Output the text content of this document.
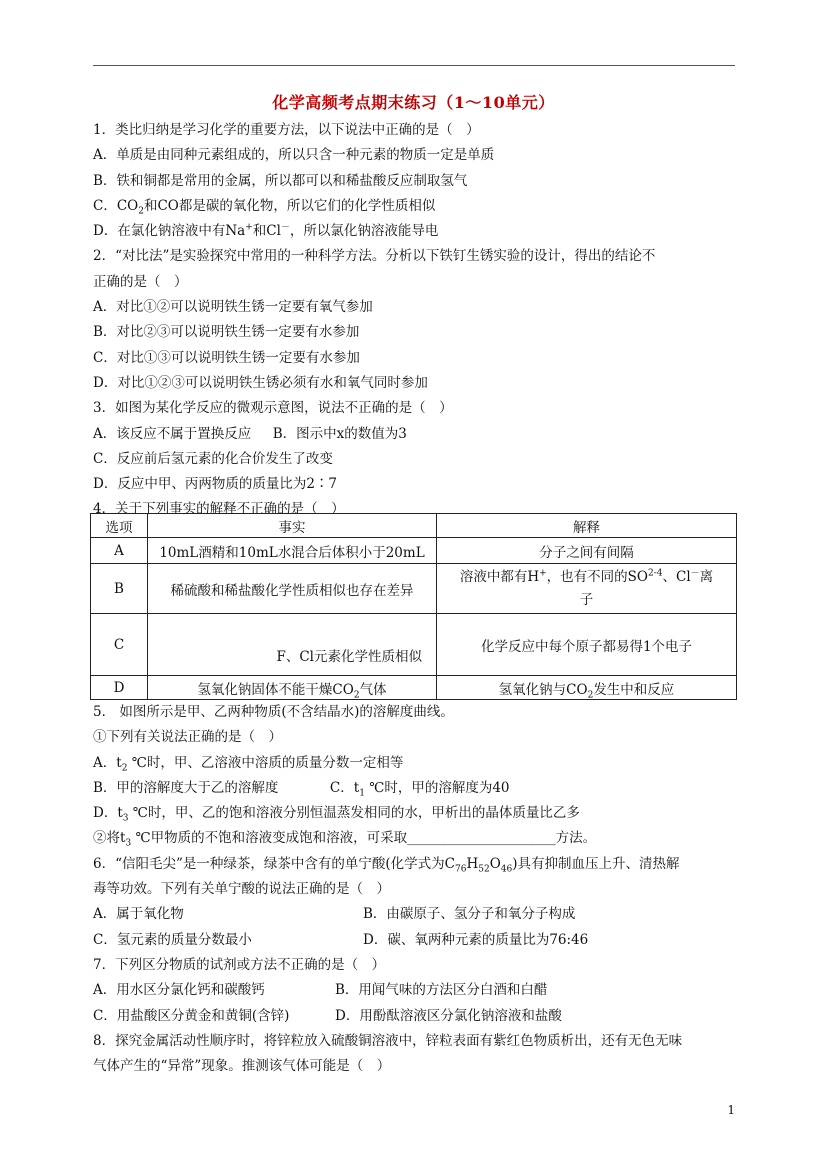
化学高频考点期末练习（1～10单元）
1．类比归纳是学习化学的重要方法，以下说法中正确的是（　）
A．单质是由同种元素组成的，所以只含一种元素的物质一定是单质
B．铁和铜都是常用的金属，所以都可以和稀盐酸反应制取氢气
C．$CO_2$和CO都是碳的氧化物，所以它们的化学性质相似
D．在氯化钠溶液中有Na+和Cl－，所以氯化钠溶液能导电
2．“对比法”是实验探究中常用的一种科学方法。分析以下铁钉生锈实验的设计，得出的结论不
正确的是（　）
A．对比①②可以说明铁生锈一定要有氧气参加
B．对比②③可以说明铁生锈一定要有水参加
C．对比①③可以说明铁生锈一定要有水参加
D．对比①②③可以说明铁生锈必须有水和氧气同时参加
3．如图为某化学反应的微观示意图，说法不正确的是（　）
A．该反应不属于置换反应 B．图示中x的数值为3
C．反应前后氢元素的化合价发生了改变
D．反应中甲、丙两物质的质量比为2∶7
4．关于下列事实的解释不正确的是（　）
选项	事实	解释
A	10mL酒精和10mL水混合后体积小于20mL	分子之间有间隔
B	稀硫酸和稀盐酸化学性质相似也存在差异	溶液中都有H+，也有不同的SO$^{2-4}$、Cl－离
子
C	F、Cl元素化学性质相似	化学反应中每个原子都易得1个电子
D	氢氧化钠固体不能干燥$CO_2$气体	氢氧化钠与$CO_2$发生中和反应
5． 如图所示是甲、乙两种物质(不含结晶水)的溶解度曲线。
①下列有关说法正确的是（　）
A．$t_2$ ℃时，甲、乙溶液中溶质的质量分数一定相等
B．甲的溶解度大于乙的溶解度	C．$t_1$ ℃时，甲的溶解度为40
D．$t_3$ ℃时，甲、乙的饱和溶液分别恒温蒸发相同的水，甲析出的晶体质量比乙多
②将$t_3$ ℃甲物质的不饱和溶液变成饱和溶液，可采取______________________方法。
6．“信阳毛尖”是一种绿茶，绿茶中含有的单宁酸(化学式为$C_{76}H_{52}O_{46}$)具有抑制血压上升、清热解
毒等功效。下列有关单宁酸的说法正确的是（　）
A．属于氧化物	B．由碳原子、氢分子和氧分子构成
C．氢元素的质量分数最小	D．碳、氧两种元素的质量比为76:46
7．下列区分物质的试剂或方法不正确的是（　）
A．用水区分氯化钙和碳酸钙	B．用闻气味的方法区分白酒和白醋
C．用盐酸区分黄金和黄铜(含锌)	D．用酚酞溶液区分氯化钠溶液和盐酸
8．探究金属活动性顺序时，将锌粒放入硫酸铜溶液中，锌粒表面有紫红色物质析出，还有无色无味
气体产生的“异常”现象。推测该气体可能是（　）
1
